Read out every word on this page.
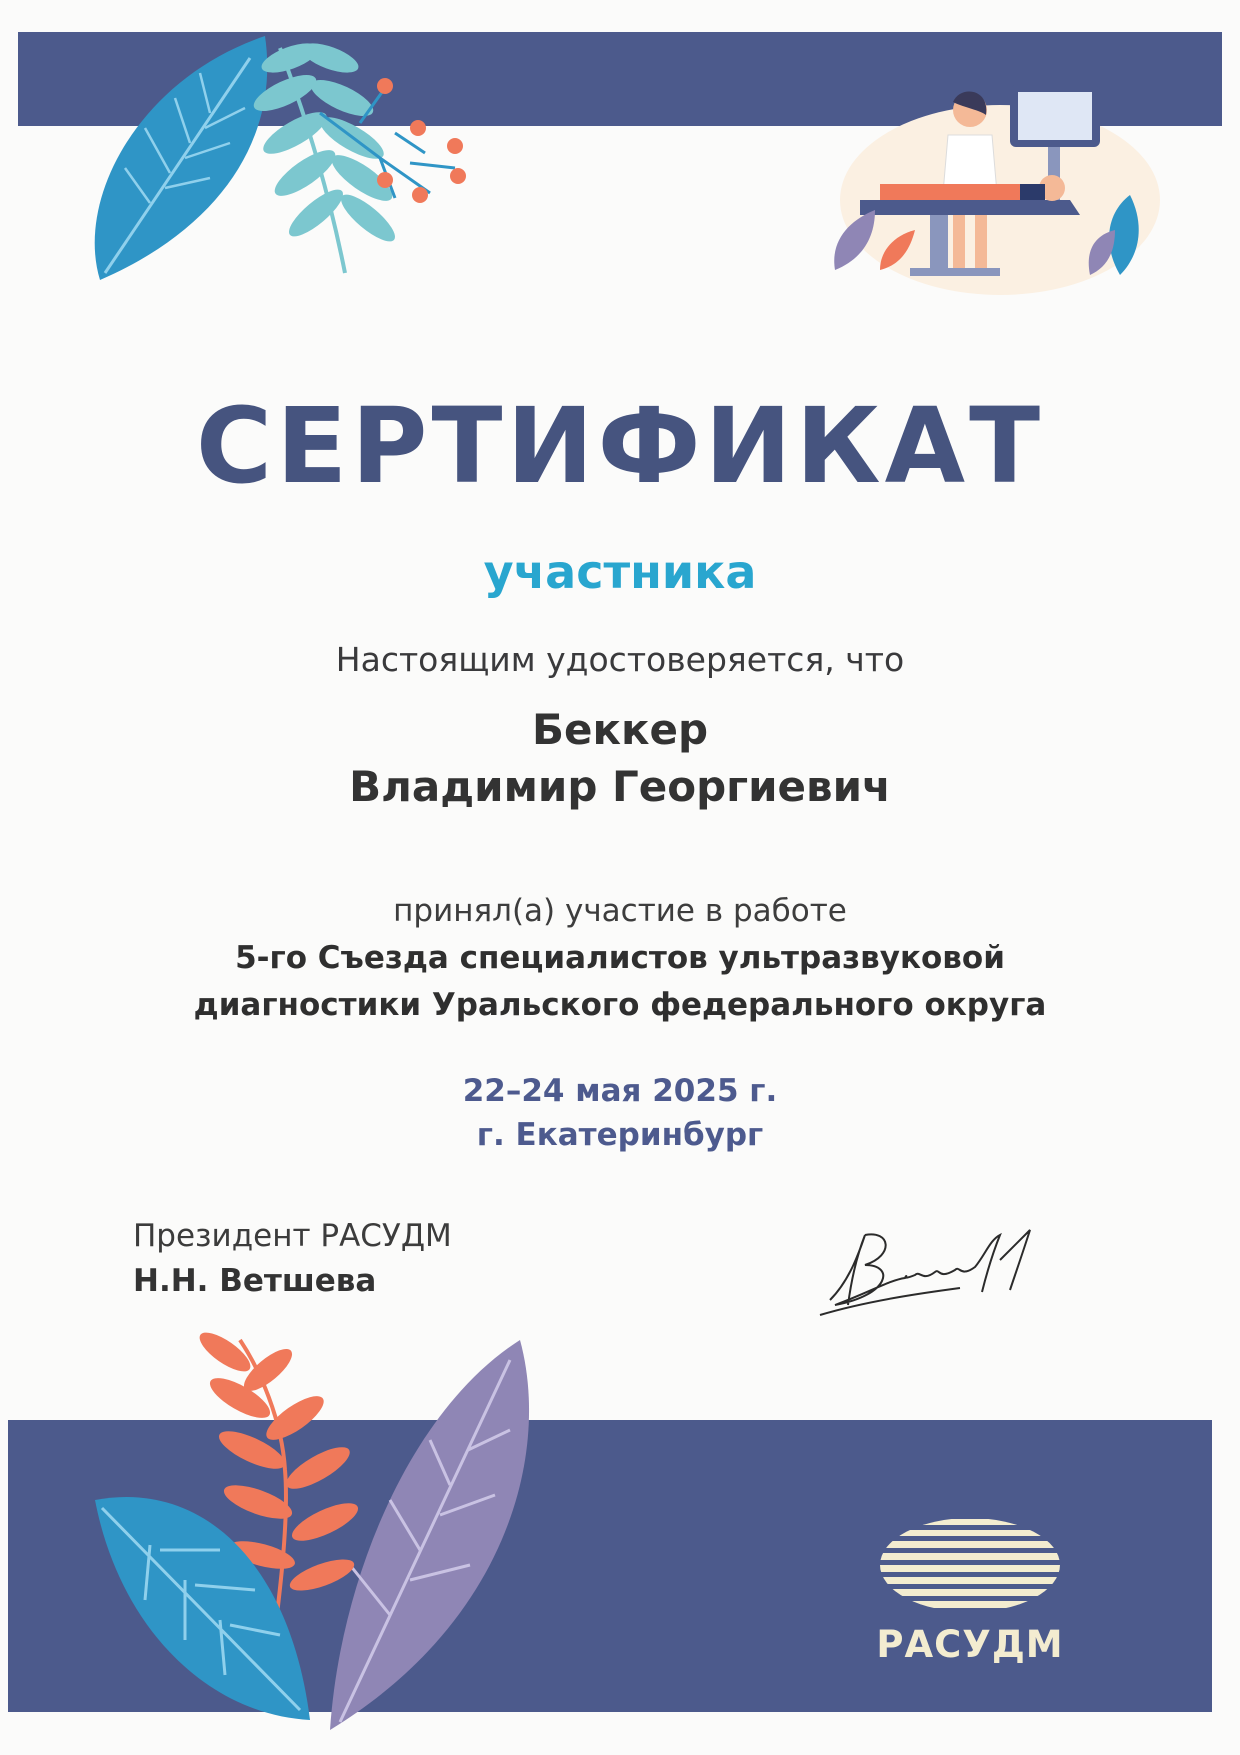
СЕРТИФИКАТ
участника
Настоящим удостоверяется, что
Беккер
Владимир Георгиевич
принял(а) участие в работе
5-го Съезда специалистов ультразвуковой
диагностики Уральского федерального округа
22–24 мая 2025 г.
г. Екатеринбург
Президент РАСУДМ
Н.Н. Ветшева
РАСУДМ
